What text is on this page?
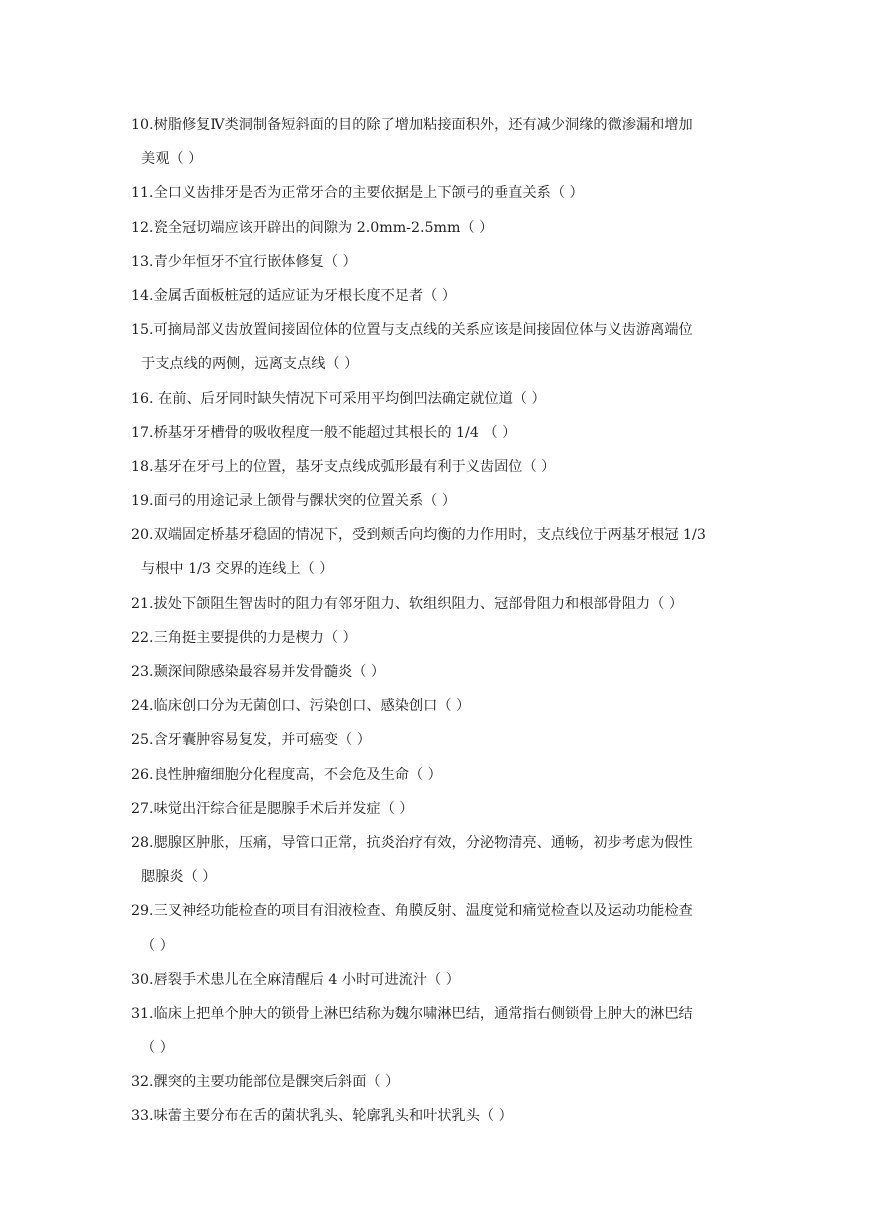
10.树脂修复Ⅳ类洞制备短斜面的目的除了增加粘接面积外，还有减少洞缘的微渗漏和增加
美观（ ）
11.全口义齿排牙是否为正常牙合的主要依据是上下颌弓的垂直关系（ ）
12.瓷全冠切端应该开辟出的间隙为 2.0mm-2.5mm（ ）
13.青少年恒牙不宜行嵌体修复（ ）
14.金属舌面板桩冠的适应证为牙根长度不足者（ ）
15.可摘局部义齿放置间接固位体的位置与支点线的关系应该是间接固位体与义齿游离端位
于支点线的两侧，远离支点线（ ）
16. 在前、后牙同时缺失情况下可采用平均倒凹法确定就位道（ ）
17.桥基牙牙槽骨的吸收程度一般不能超过其根长的 1/4 （ ）
18.基牙在牙弓上的位置，基牙支点线成弧形最有利于义齿固位（ ）
19.面弓的用途记录上颌骨与髁状突的位置关系（ ）
20.双端固定桥基牙稳固的情况下，受到颊舌向均衡的力作用时，支点线位于两基牙根冠 1/3
与根中 1/3 交界的连线上（ ）
21.拔处下颌阻生智齿时的阻力有邻牙阻力、软组织阻力、冠部骨阻力和根部骨阻力（ ）
22.三角挺主要提供的力是楔力（ ）
23.颞深间隙感染最容易并发骨髓炎（ ）
24.临床创口分为无菌创口、污染创口、感染创口（ ）
25.含牙囊肿容易复发，并可癌变（ ）
26.良性肿瘤细胞分化程度高，不会危及生命（ ）
27.味觉出汗综合征是腮腺手术后并发症（ ）
28.腮腺区肿胀，压痛，导管口正常，抗炎治疗有效，分泌物清亮、通畅，初步考虑为假性
腮腺炎（ ）
29.三叉神经功能检查的项目有泪液检查、角膜反射、温度觉和痛觉检查以及运动功能检查
（ ）
30.唇裂手术患儿在全麻清醒后 4 小时可进流汁（ ）
31.临床上把单个肿大的锁骨上淋巴结称为魏尔啸淋巴结，通常指右侧锁骨上肿大的淋巴结
（ ）
32.髁突的主要功能部位是髁突后斜面（ ）
33.味蕾主要分布在舌的菌状乳头、轮廓乳头和叶状乳头（ ）
